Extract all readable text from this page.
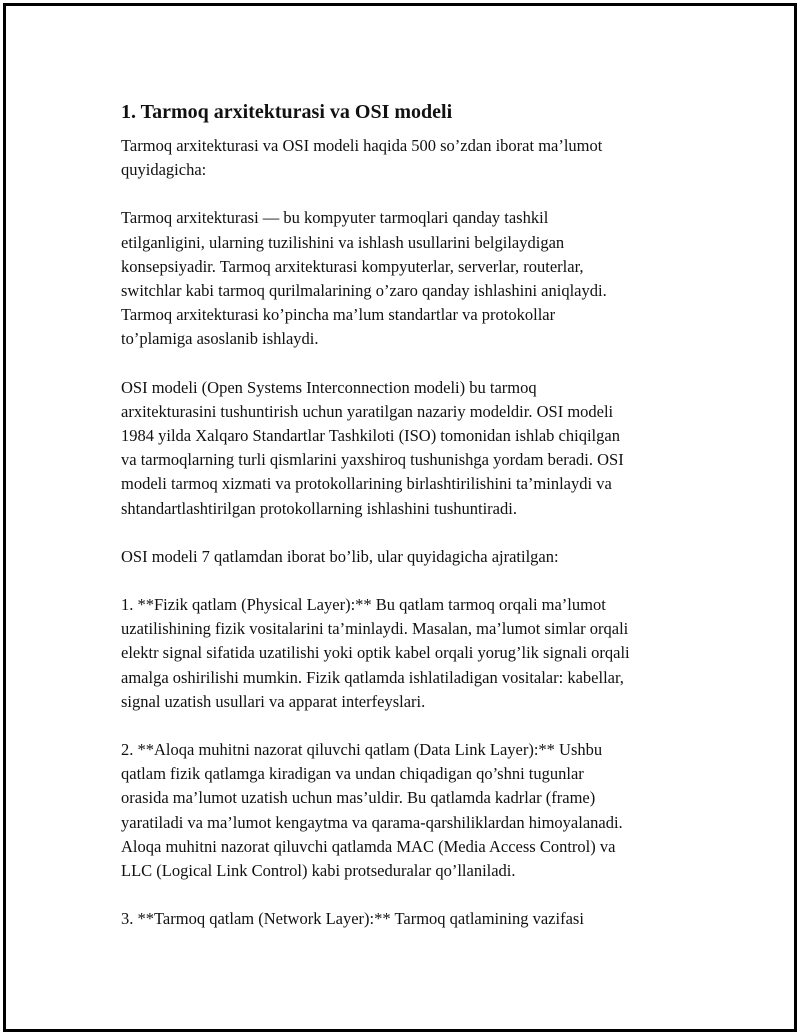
1. Tarmoq arxitekturasi va OSI modeli

Tarmoq arxitekturasi va OSI modeli haqida 500 so’zdan iborat ma’lumot
quyidagicha:

Tarmoq arxitekturasi — bu kompyuter tarmoqlari qanday tashkil
etilganligini, ularning tuzilishini va ishlash usullarini belgilaydigan
konsepsiyadir. Tarmoq arxitekturasi kompyuterlar, serverlar, routerlar,
switchlar kabi tarmoq qurilmalarining o’zaro qanday ishlashini aniqlaydi.
Tarmoq arxitekturasi ko’pincha ma’lum standartlar va protokollar
to’plamiga asoslanib ishlaydi.

OSI modeli (Open Systems Interconnection modeli) bu tarmoq
arxitekturasini tushuntirish uchun yaratilgan nazariy modeldir. OSI modeli
1984 yilda Xalqaro Standartlar Tashkiloti (ISO) tomonidan ishlab chiqilgan
va tarmoqlarning turli qismlarini yaxshiroq tushunishga yordam beradi. OSI
modeli tarmoq xizmati va protokollarining birlashtirilishini ta’minlaydi va
shtandartlashtirilgan protokollarning ishlashini tushuntiradi.

OSI modeli 7 qatlamdan iborat bo’lib, ular quyidagicha ajratilgan:

1. **Fizik qatlam (Physical Layer):** Bu qatlam tarmoq orqali ma’lumot
uzatilishining fizik vositalarini ta’minlaydi. Masalan, ma’lumot simlar orqali
elektr signal sifatida uzatilishi yoki optik kabel orqali yorug’lik signali orqali
amalga oshirilishi mumkin. Fizik qatlamda ishlatiladigan vositalar: kabellar,
signal uzatish usullari va apparat interfeyslari.

2. **Aloqa muhitni nazorat qiluvchi qatlam (Data Link Layer):** Ushbu
qatlam fizik qatlamga kiradigan va undan chiqadigan qo’shni tugunlar
orasida ma’lumot uzatish uchun mas’uldir. Bu qatlamda kadrlar (frame)
yaratiladi va ma’lumot kengaytma va qarama-qarshiliklardan himoyalanadi.
Aloqa muhitni nazorat qiluvchi qatlamda MAC (Media Access Control) va
LLC (Logical Link Control) kabi protseduralar qo’llaniladi.

3. **Tarmoq qatlam (Network Layer):** Tarmoq qatlamining vazifasi
